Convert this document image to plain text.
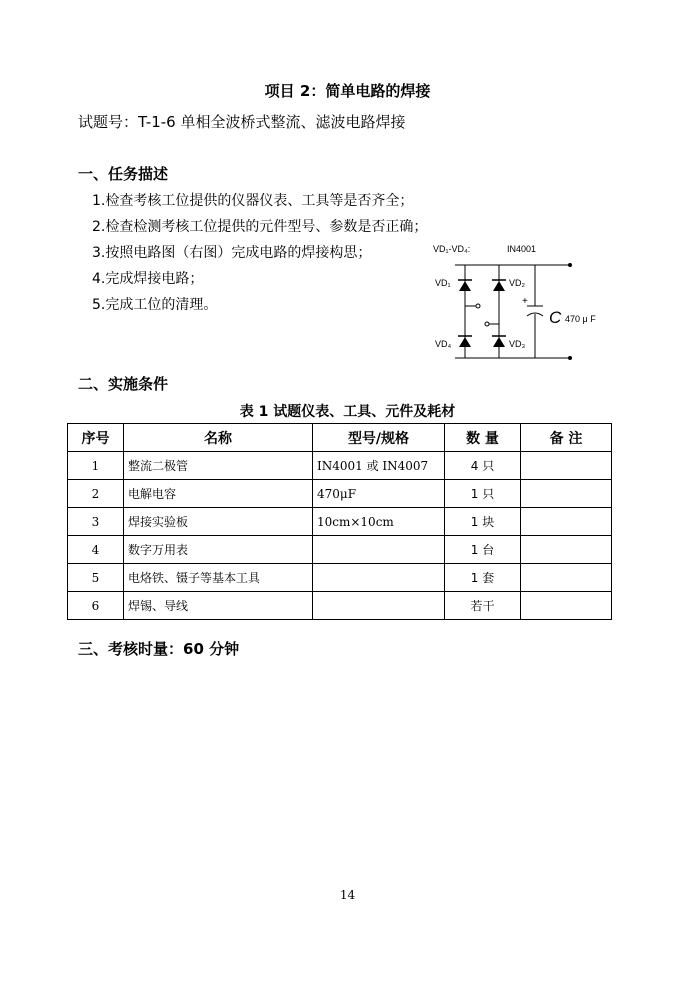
项目 2：简单电路的焊接
试题号：T-1-6 单相全波桥式整流、滤波电路焊接
一、任务描述
1.检查考核工位提供的仪器仪表、工具等是否齐全；
2.检查检测考核工位提供的元件型号、参数是否正确；
3.按照电路图（右图）完成电路的焊接构思；
4.完成焊接电路；
5.完成工位的清理。
VD₁-VD₄:	IN4001
VD₁	VD₂
VD₃
VD₄
+
C 470 μ F
二、实施条件
表 1 试题仪表、工具、元件及耗材
序号	名称	型号/规格	数 量	备 注
1	整流二极管	IN4001 或 IN4007	4 只	
2	电解电容	470μF	1 只	
3	焊接实验板	10cm×10cm	1 块	
4	数字万用表		1 台	
5	电烙铁、镊子等基本工具		1 套	
6	焊锡、导线		若干	
三、考核时量：60 分钟
14
